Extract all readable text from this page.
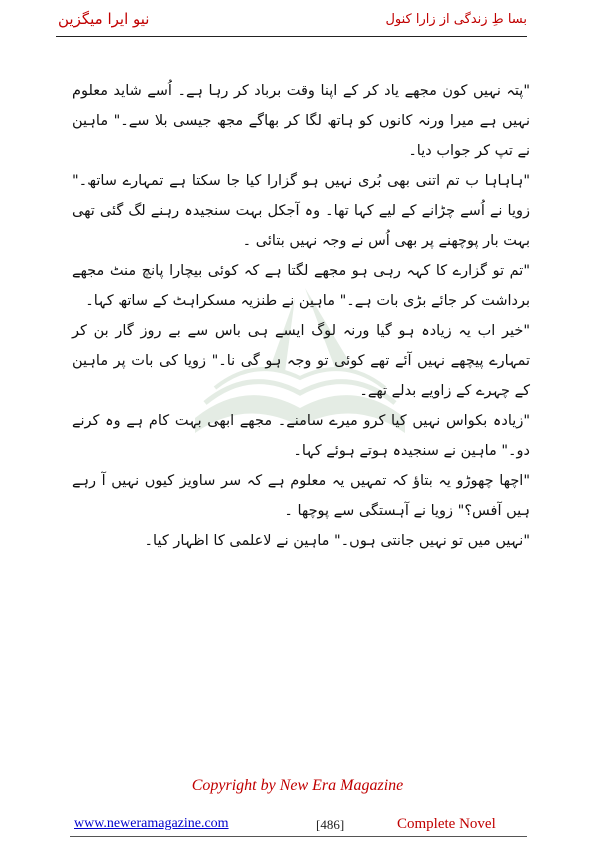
نیو ایرا میگزین	بسا طِ زندگی از زارا کنول

"پتہ نہیں کون مجھے یاد کر کے اپنا وقت برباد کر رہا ہے۔ اُسے شاید معلوم نہیں ہے میرا ورنہ کانوں کو ہاتھ لگا کر بھاگے مجھ جیسی بلا سے۔" ماہین نے تپ کر جواب دیا۔

"ہاہاہا ب تم اتنی بھی بُری نہیں ہو گزارا کیا جا سکتا ہے تمہارے ساتھ۔" زویا نے اُسے چڑانے کے لیے کہا تھا۔ وہ آجکل بہت سنجیدہ رہنے لگ گئی تھی بہت بار پوچھنے پر بھی اُس نے وجہ نہیں بتائی ۔

"تم تو گزارے کا کہہ رہی ہو مجھے لگتا ہے کہ کوئی بیچارا پانچ منٹ مجھے برداشت کر جائے بڑی بات ہے۔" ماہین نے طنزیہ مسکراہٹ کے ساتھ کہا۔

"خیر اب یہ زیادہ ہو گیا ورنہ لوگ ایسے ہی باس سے بے روز گار بن کر تمہارے پیچھے نہیں آئے تھے کوئی تو وجہ ہو گی نا۔" زویا کی بات پر ماہین کے چہرے کے زاویے بدلے تھے۔

"زیادہ بکواس نہیں کیا کرو میرے سامنے۔ مجھے ابھی بہت کام ہے وہ کرنے دو۔" ماہین نے سنجیدہ ہوتے ہوئے کہا۔

"اچھا چھوڑو یہ بتاؤ کہ تمہیں یہ معلوم ہے کہ سر ساویز کیوں نہیں آ رہے ہیں آفس؟" زویا نے آہستگی سے پوچھا ۔

"نہیں میں تو نہیں جانتی ہوں۔" ماہین نے لاعلمی کا اظہار کیا۔

Copyright by New Era Magazine
www.neweramagazine.com	[486]	Complete Novel
